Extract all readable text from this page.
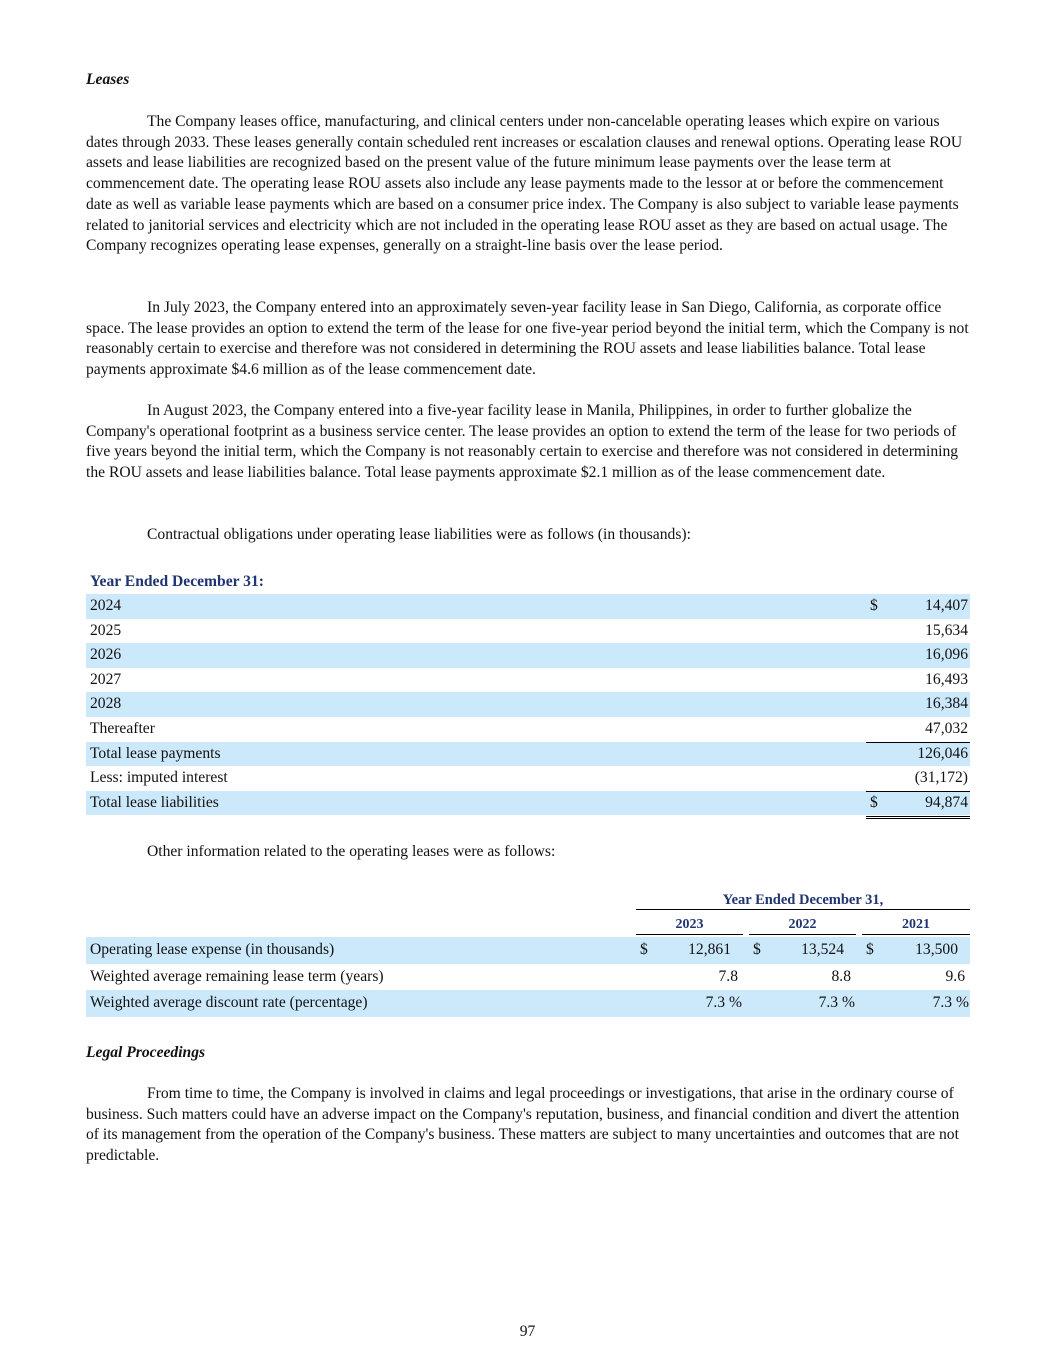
Leases

The Company leases office, manufacturing, and clinical centers under non-cancelable operating leases which expire on various dates through 2033. These leases generally contain scheduled rent increases or escalation clauses and renewal options. Operating lease ROU assets and lease liabilities are recognized based on the present value of the future minimum lease payments over the lease term at commencement date. The operating lease ROU assets also include any lease payments made to the lessor at or before the commencement date as well as variable lease payments which are based on a consumer price index. The Company is also subject to variable lease payments related to janitorial services and electricity which are not included in the operating lease ROU asset as they are based on actual usage. The Company recognizes operating lease expenses, generally on a straight-line basis over the lease period.

In July 2023, the Company entered into an approximately seven-year facility lease in San Diego, California, as corporate office space. The lease provides an option to extend the term of the lease for one five-year period beyond the initial term, which the Company is not reasonably certain to exercise and therefore was not considered in determining the ROU assets and lease liabilities balance. Total lease payments approximate $4.6 million as of the lease commencement date.

In August 2023, the Company entered into a five-year facility lease in Manila, Philippines, in order to further globalize the Company's operational footprint as a business service center. The lease provides an option to extend the term of the lease for two periods of five years beyond the initial term, which the Company is not reasonably certain to exercise and therefore was not considered in determining the ROU assets and lease liabilities balance. Total lease payments approximate $2.1 million as of the lease commencement date.

Contractual obligations under operating lease liabilities were as follows (in thousands):
Year Ended December 31:
2024	$	14,407
2025	15,634
2026	16,096
2027	16,493
2028	16,384
Thereafter	47,032
Total lease payments	126,046
Less: imputed interest	(31,172)
Total lease liabilities	$	94,874
Other information related to the operating leases were as follows:
Year Ended December 31,
2023	2022	2021
Operating lease expense (in thousands)	$	12,861 $	13,524 $	13,500
Weighted average remaining lease term (years)	7.8	8.8	9.6
Weighted average discount rate (percentage)	7.3 %	7.3 %	7.3 %
Legal Proceedings

From time to time, the Company is involved in claims and legal proceedings or investigations, that arise in the ordinary course of business. Such matters could have an adverse impact on the Company's reputation, business, and financial condition and divert the attention of its management from the operation of the Company's business. These matters are subject to many uncertainties and outcomes that are not predictable.

97
